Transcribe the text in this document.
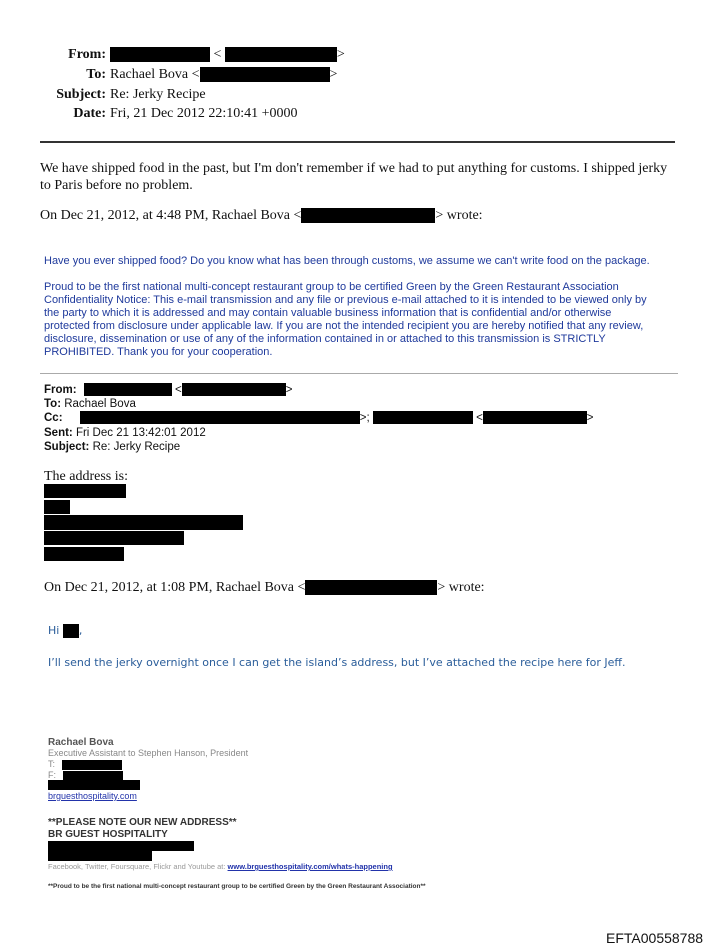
From:	<	>
To: Rachael Bova <	>
Subject: Re: Jerky Recipe
Date: Fri, 21 Dec 2012 22:10:41 +0000
We have shipped food in the past, but I'm don't remember if we had to put anything for customs. I shipped jerky
to Paris before no problem.
On Dec 21, 2012, at 4:48 PM, Rachael Bova <	> wrote:
Have you ever shipped food? Do you know what has been through customs, we assume we can't write food on the package.
Proud to be the first national multi-concept restaurant group to be certified Green by the Green Restaurant Association
Confidentiality Notice: This e-mail transmission and any file or previous e-mail attached to it is intended to be viewed only by
the party to which it is addressed and may contain valuable business information that is confidential and/or otherwise
protected from disclosure under applicable law. If you are not the intended recipient you are hereby notified that any review,
disclosure, dissemination or use of any of the information contained in or attached to this transmission is STRICTLY
PROHIBITED. Thank you for your cooperation.
From:	<	>
To: Rachael Bova
Cc:	>;	<	>
Sent: Fri Dec 21 13:42:01 2012
Subject: Re: Jerky Recipe
The address is:
On Dec 21, 2012, at 1:08 PM, Rachael Bova <	> wrote:
Hi ,
I’ll send the jerky overnight once I can get the island’s address, but I’ve attached the recipe here for Jeff.
Rachael Bova
Executive Assistant to Stephen Hanson, President
T:
F:
brguesthospitality.com
**PLEASE NOTE OUR NEW ADDRESS**
BR GUEST HOSPITALITY
Facebook, Twitter, Foursquare, Flickr and Youtube at: www.brguesthospitality.com/whats-happening
**Proud to be the first national multi-concept restaurant group to be certified Green by the Green Restaurant Association**
EFTA00558788
